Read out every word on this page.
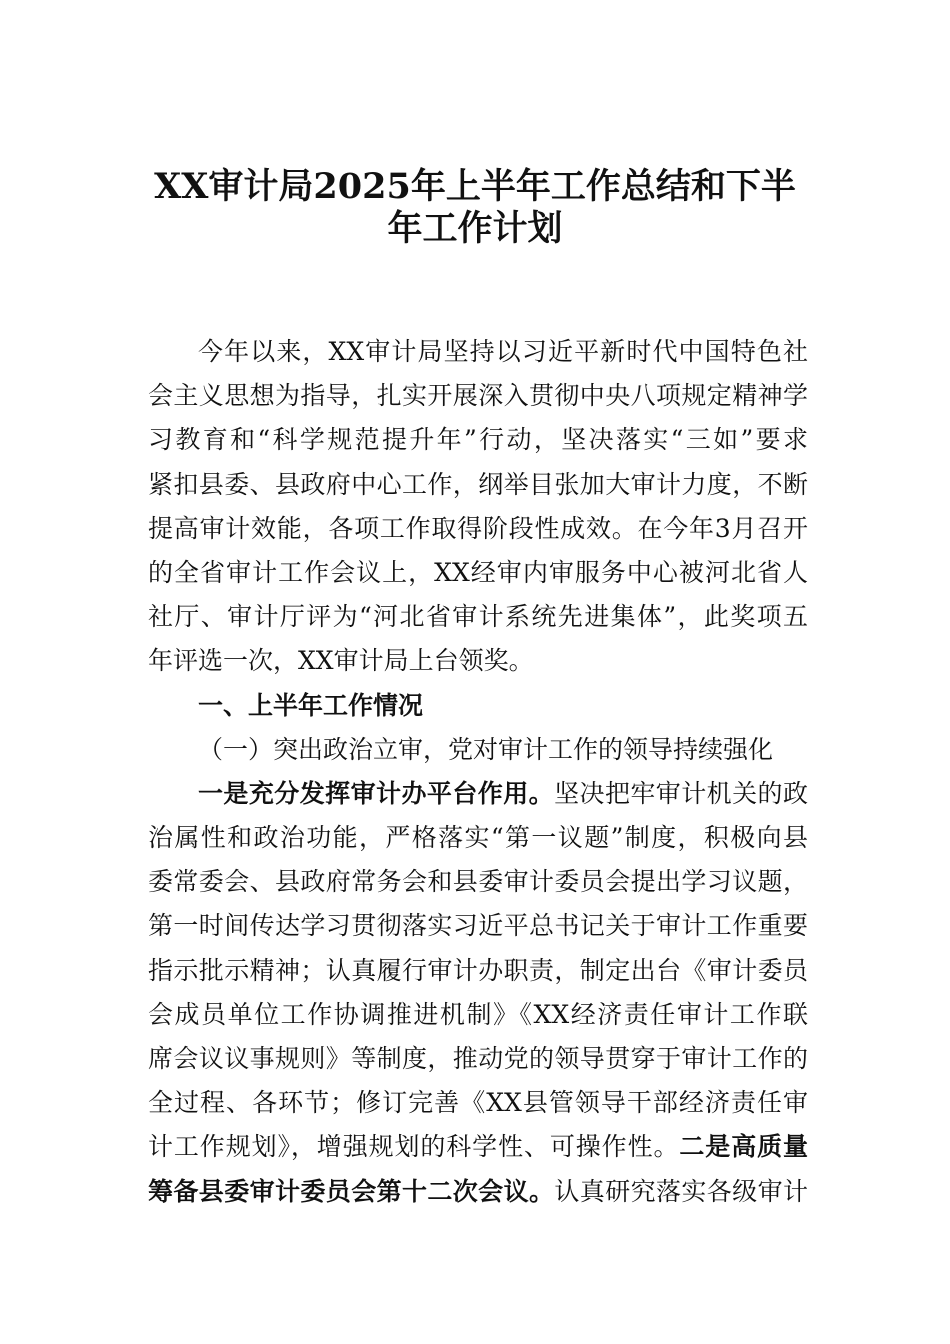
XX审计局2025年上半年工作总结和下半
年工作计划
今年以来，XX审计局坚持以习近平新时代中国特色社
会主义思想为指导，扎实开展深入贯彻中央八项规定精神学
习教育和“科学规范提升年”行动，坚决落实“三如”要求
紧扣县委、县政府中心工作，纲举目张加大审计力度，不断
提高审计效能，各项工作取得阶段性成效。在今年3月召开
的全省审计工作会议上，XX经审内审服务中心被河北省人
社厅、审计厅评为“河北省审计系统先进集体”，此奖项五
年评选一次，XX审计局上台领奖。
一、上半年工作情况
（一）突出政治立审，党对审计工作的领导持续强化
一是充分发挥审计办平台作用。坚决把牢审计机关的政
治属性和政治功能，严格落实“第一议题”制度，积极向县
委常委会、县政府常务会和县委审计委员会提出学习议题，
第一时间传达学习贯彻落实习近平总书记关于审计工作重要
指示批示精神；认真履行审计办职责，制定出台《审计委员
会成员单位工作协调推进机制》《XX经济责任审计工作联
席会议议事规则》等制度，推动党的领导贯穿于审计工作的
全过程、各环节；修订完善《XX县管领导干部经济责任审
计工作规划》，增强规划的科学性、可操作性。二是高质量
筹备县委审计委员会第十二次会议。认真研究落实各级审计
